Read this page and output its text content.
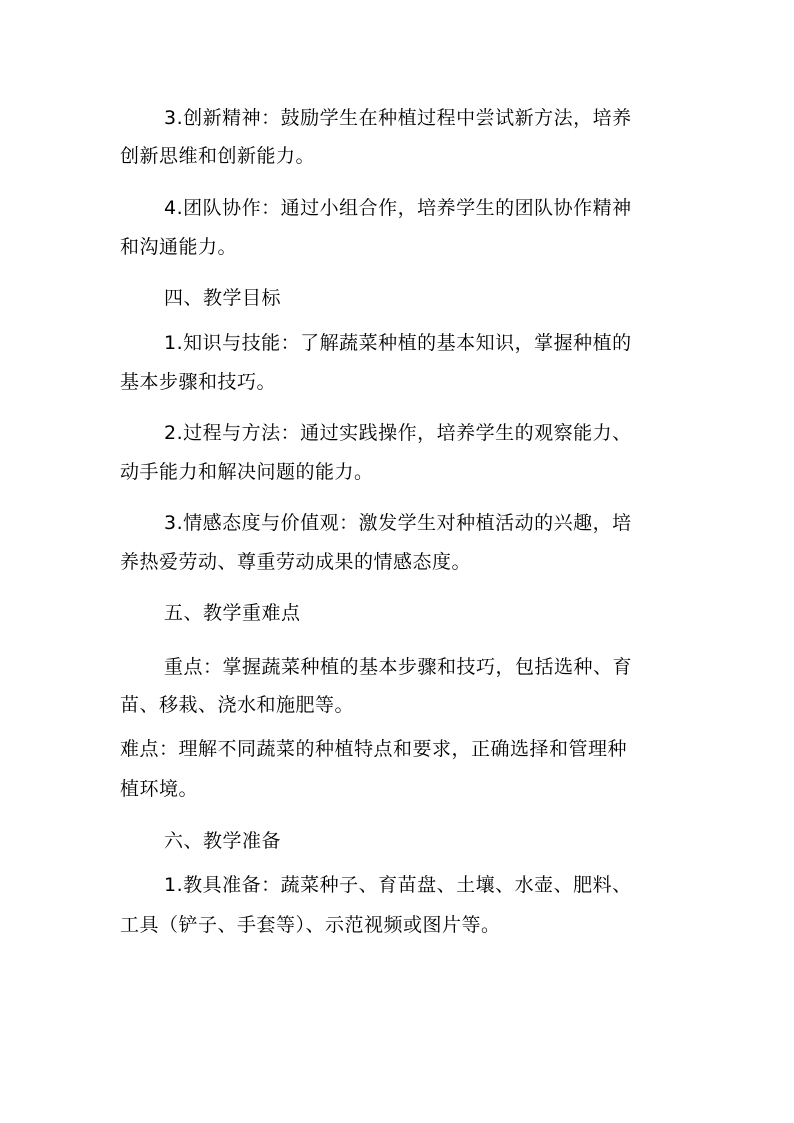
3.创新精神：鼓励学生在种植过程中尝试新方法，培养

创新思维和创新能力。

4.团队协作：通过小组合作，培养学生的团队协作精神

和沟通能力。

四、教学目标

1.知识与技能：了解蔬菜种植的基本知识，掌握种植的

基本步骤和技巧。

2.过程与方法：通过实践操作，培养学生的观察能力、

动手能力和解决问题的能力。

3.情感态度与价值观：激发学生对种植活动的兴趣，培

养热爱劳动、尊重劳动成果的情感态度。

五、教学重难点

重点：掌握蔬菜种植的基本步骤和技巧，包括选种、育

苗、移栽、浇水和施肥等。

难点：理解不同蔬菜的种植特点和要求，正确选择和管理种

植环境。

六、教学准备

1.教具准备：蔬菜种子、育苗盘、土壤、水壶、肥料、

工具（铲子、手套等）、示范视频或图片等。
